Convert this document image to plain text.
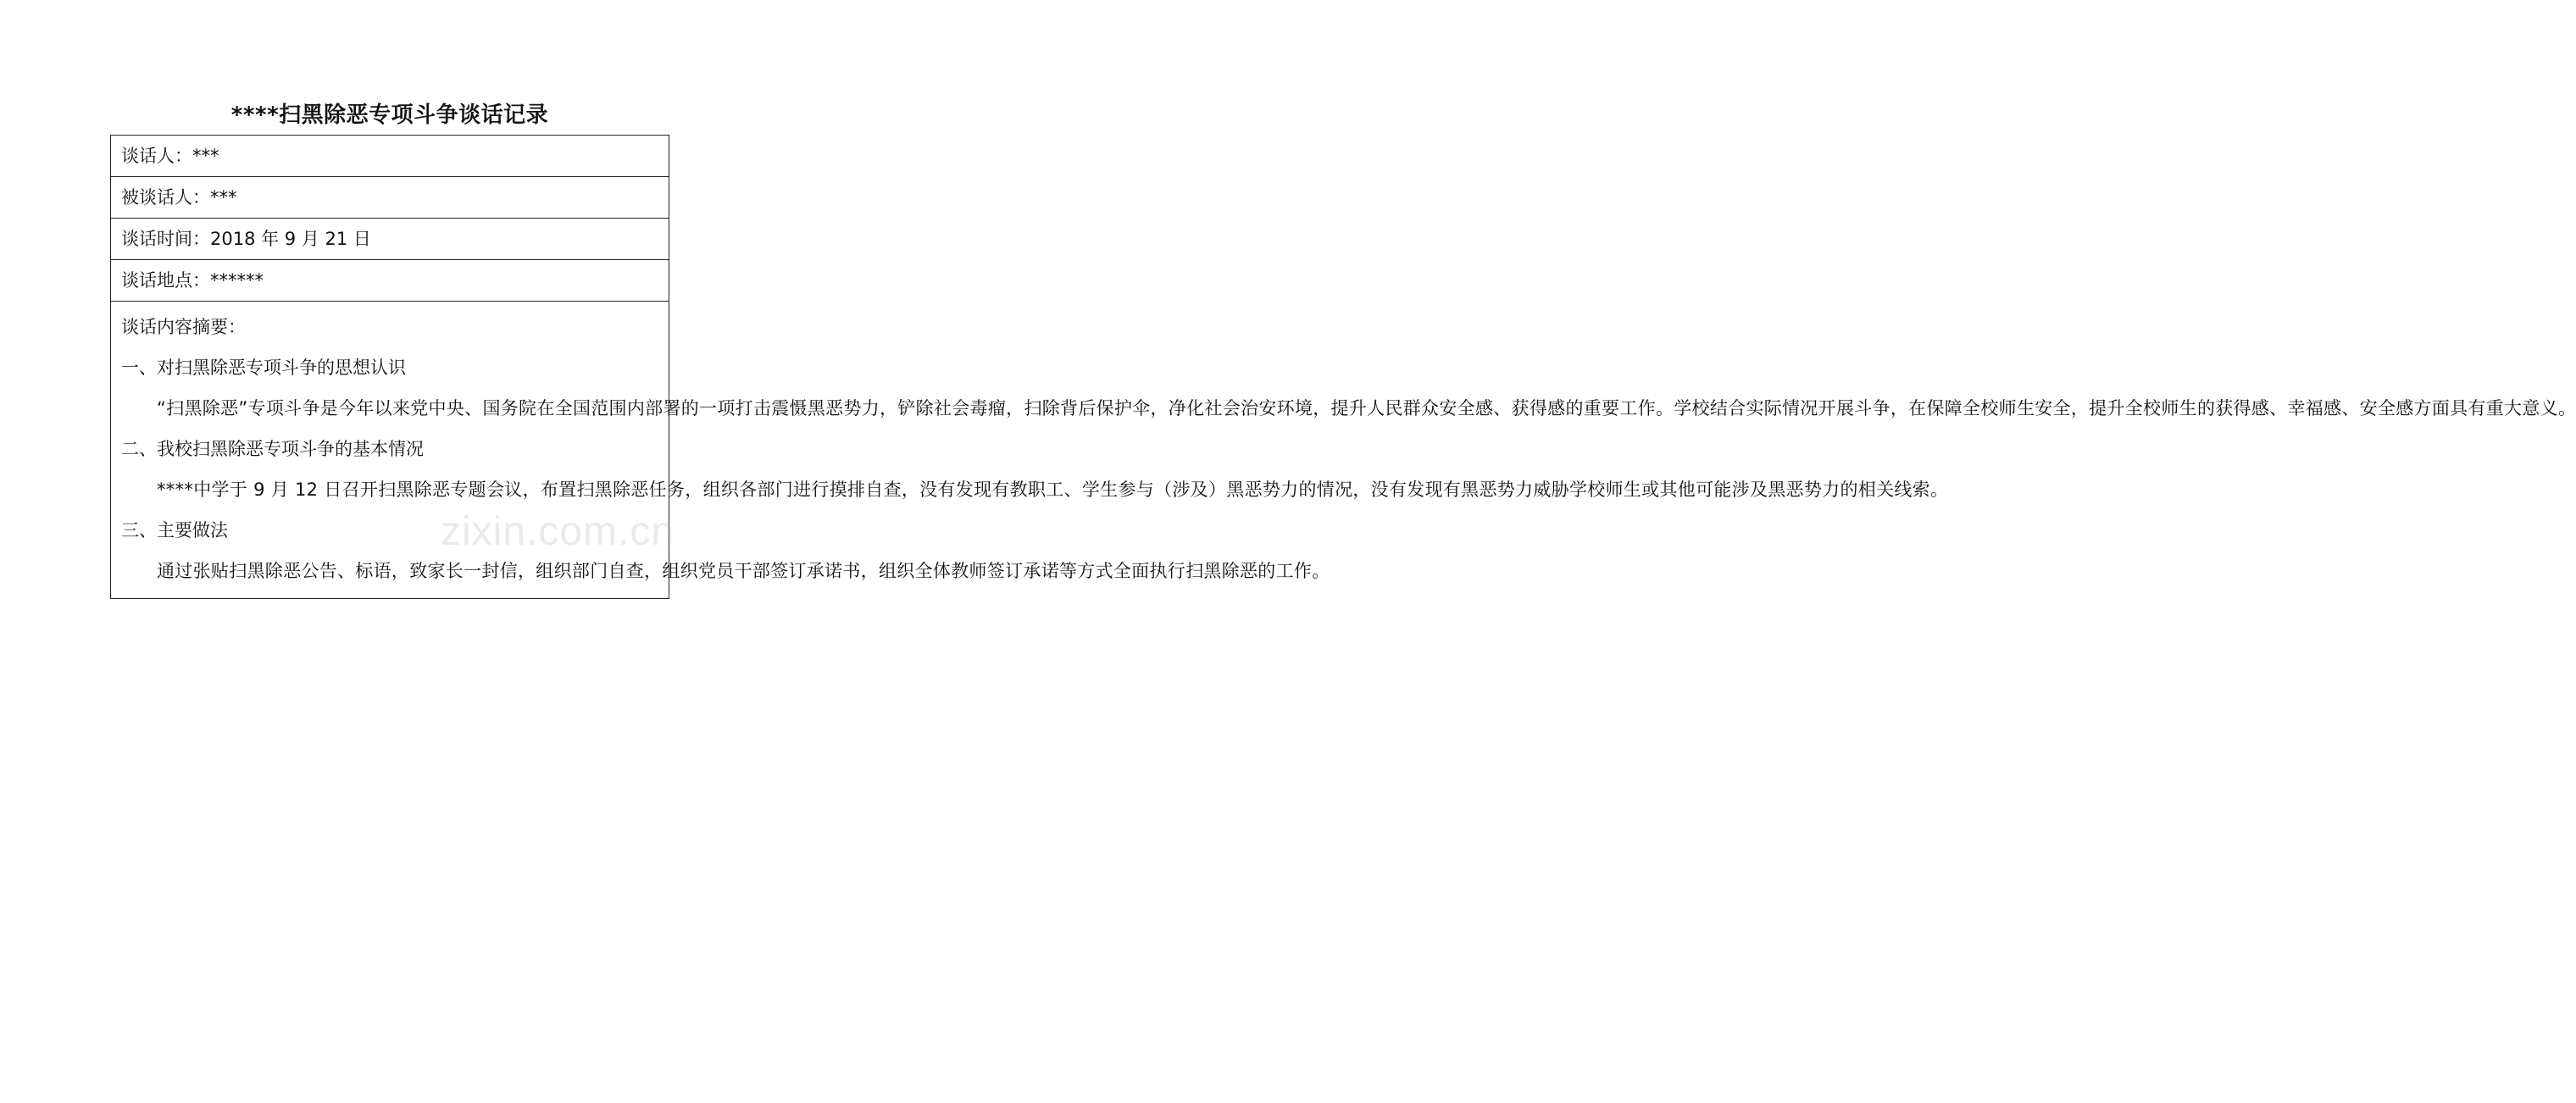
****扫黑除恶专项斗争谈话记录
谈话人：***
被谈话人：***
谈话时间：2018 年 9 月 21 日
谈话地点：******

谈话内容摘要：

一、对扫黑除恶专项斗争的思想认识

“扫黑除恶”专项斗争是今年以来党中央、国务院在全国范围内部署的一项打击震慑黑恶势力，铲除社会毒瘤，扫除背后保护伞，净化社会治安环境，提升人民群众安全感、获得感的重要工作。学校结合实际情况开展斗争，在保障全校师生安全，提升全校师生的获得感、幸福感、安全感方面具有重大意义。

二、我校扫黑除恶专项斗争的基本情况

****中学于 9 月 12 日召开扫黑除恶专题会议，布置扫黑除恶任务，组织各部门进行摸排自查，没有发现有教职工、学生参与（涉及）黑恶势力的情况，没有发现有黑恶势力威胁学校师生或其他可能涉及黑恶势力的相关线索。

三、主要做法

通过张贴扫黑除恶公告、标语，致家长一封信，组织部门自查，组织党员干部签订承诺书，组织全体教师签订承诺等方式全面执行扫黑除恶的工作。

zixin.com.cn
